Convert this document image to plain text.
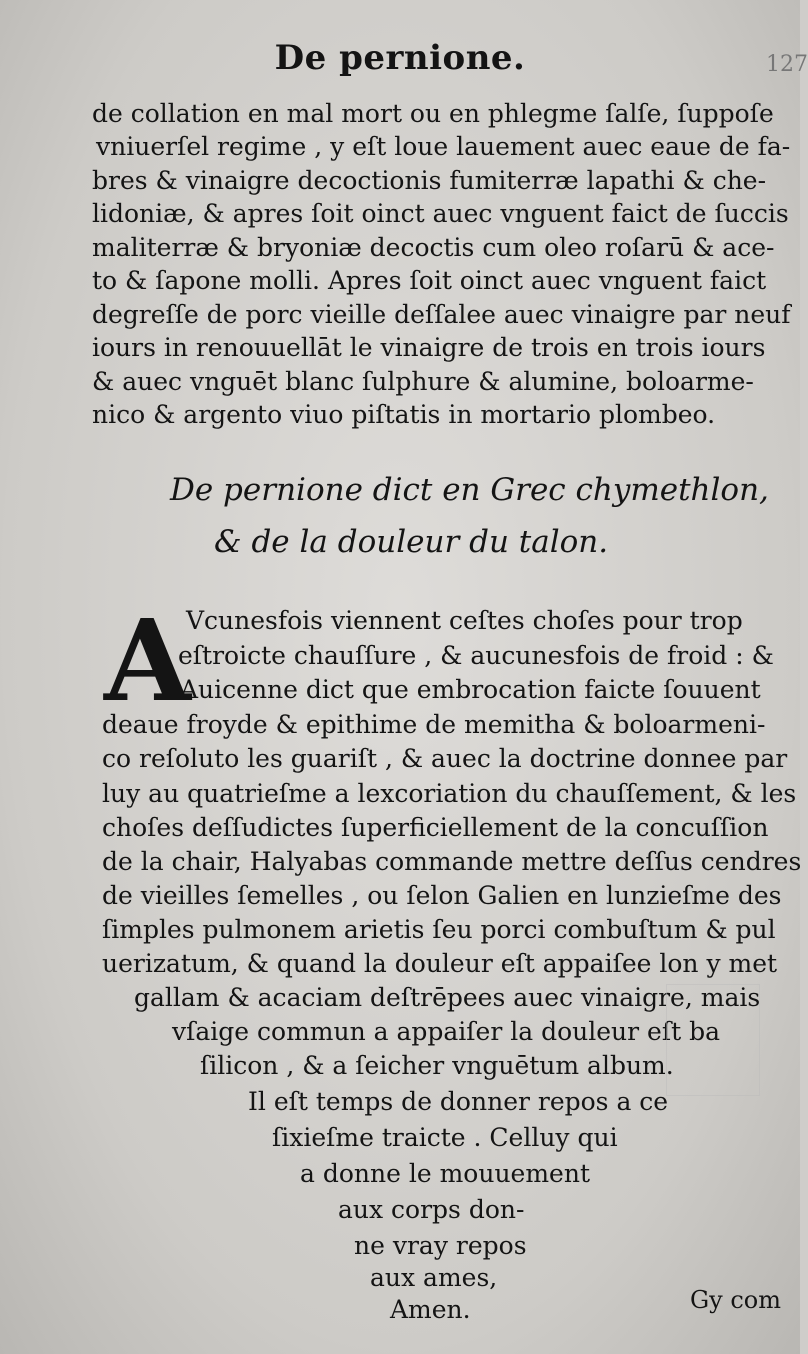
De pernione.	127
de collation en mal mort ou en phlegme ſalſe, ſuppoſe
vniuerſel regime , y eſt loue lauement auec eaue de fa-
bres & vinaigre decoctionis fumiterræ lapathi & che-
lidoniæ, & apres ſoit oinct auec vnguent faict de ſuccis
maliterræ & bryoniæ decoctis cum oleo roſarū & ace-
to & ſapone molli. Apres ſoit oinct auec vnguent faict
degreſſe de porc vieille deſſalee auec vinaigre par neuf
iours in renouuellāt le vinaigre de trois en trois iours
& auec vnguēt blanc ſulphure & alumine, boloarme-
nico & argento viuo piſtatis in mortario plombeo.
De pernione dict en Grec chymethlon,
& de la douleur du talon.
A
Vcunesfois viennent ceſtes choſes pour trop
eſtroicte chauſſure , & aucunesfois de froid : &
Auicenne dict que embrocation faicte ſouuent
deaue froyde & epithime de memitha & boloarmeni-
co reſoluto les guariſt , & auec la doctrine donnee par
luy au quatrieſme a lexcoriation du chauſſement, & les
choſes deſſudictes ſuperficiellement de la concuſſion
de la chair, Halyabas commande mettre deſſus cendres
de vieilles ſemelles , ou ſelon Galien en lunzieſme des
ſimples pulmonem arietis ſeu porci combuſtum & pul
uerizatum, & quand la douleur eſt appaiſee lon y met
gallam & acaciam deſtrēpees auec vinaigre, mais
vſaige commun a appaiſer la douleur eſt ba
ſilicon , & a ſeicher vnguētum album.
Il eſt temps de donner repos a ce
ſixieſme traicte . Celluy qui
a donne le mouuement
aux corps don-
ne vray repos
aux ames,
Amen.	Gy com
